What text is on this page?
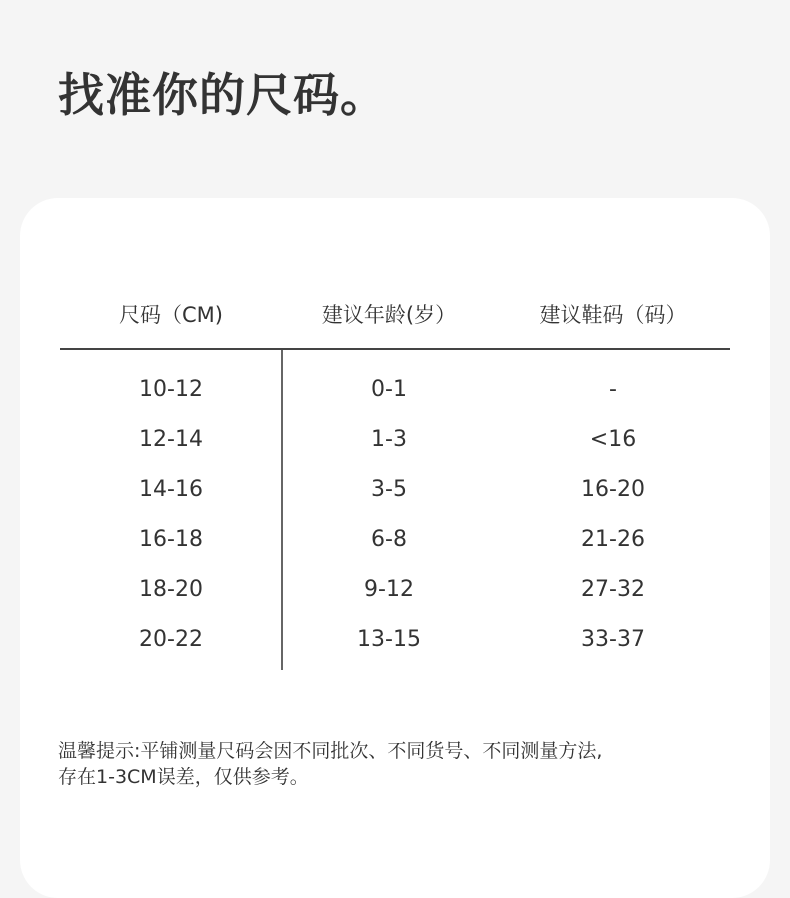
找准你的尺码。
尺码（CM)	建议年龄(岁）	建议鞋码（码）
10-12	0-1	-
12-14	1-3	<16
14-16	3-5	16-20
16-18	6-8	21-26
18-20	9-12	27-32
20-22	13-15	33-37
温馨提示:平铺测量尺码会因不同批次、不同货号、不同测量方法,
存在1-3CM误差，仅供参考。
